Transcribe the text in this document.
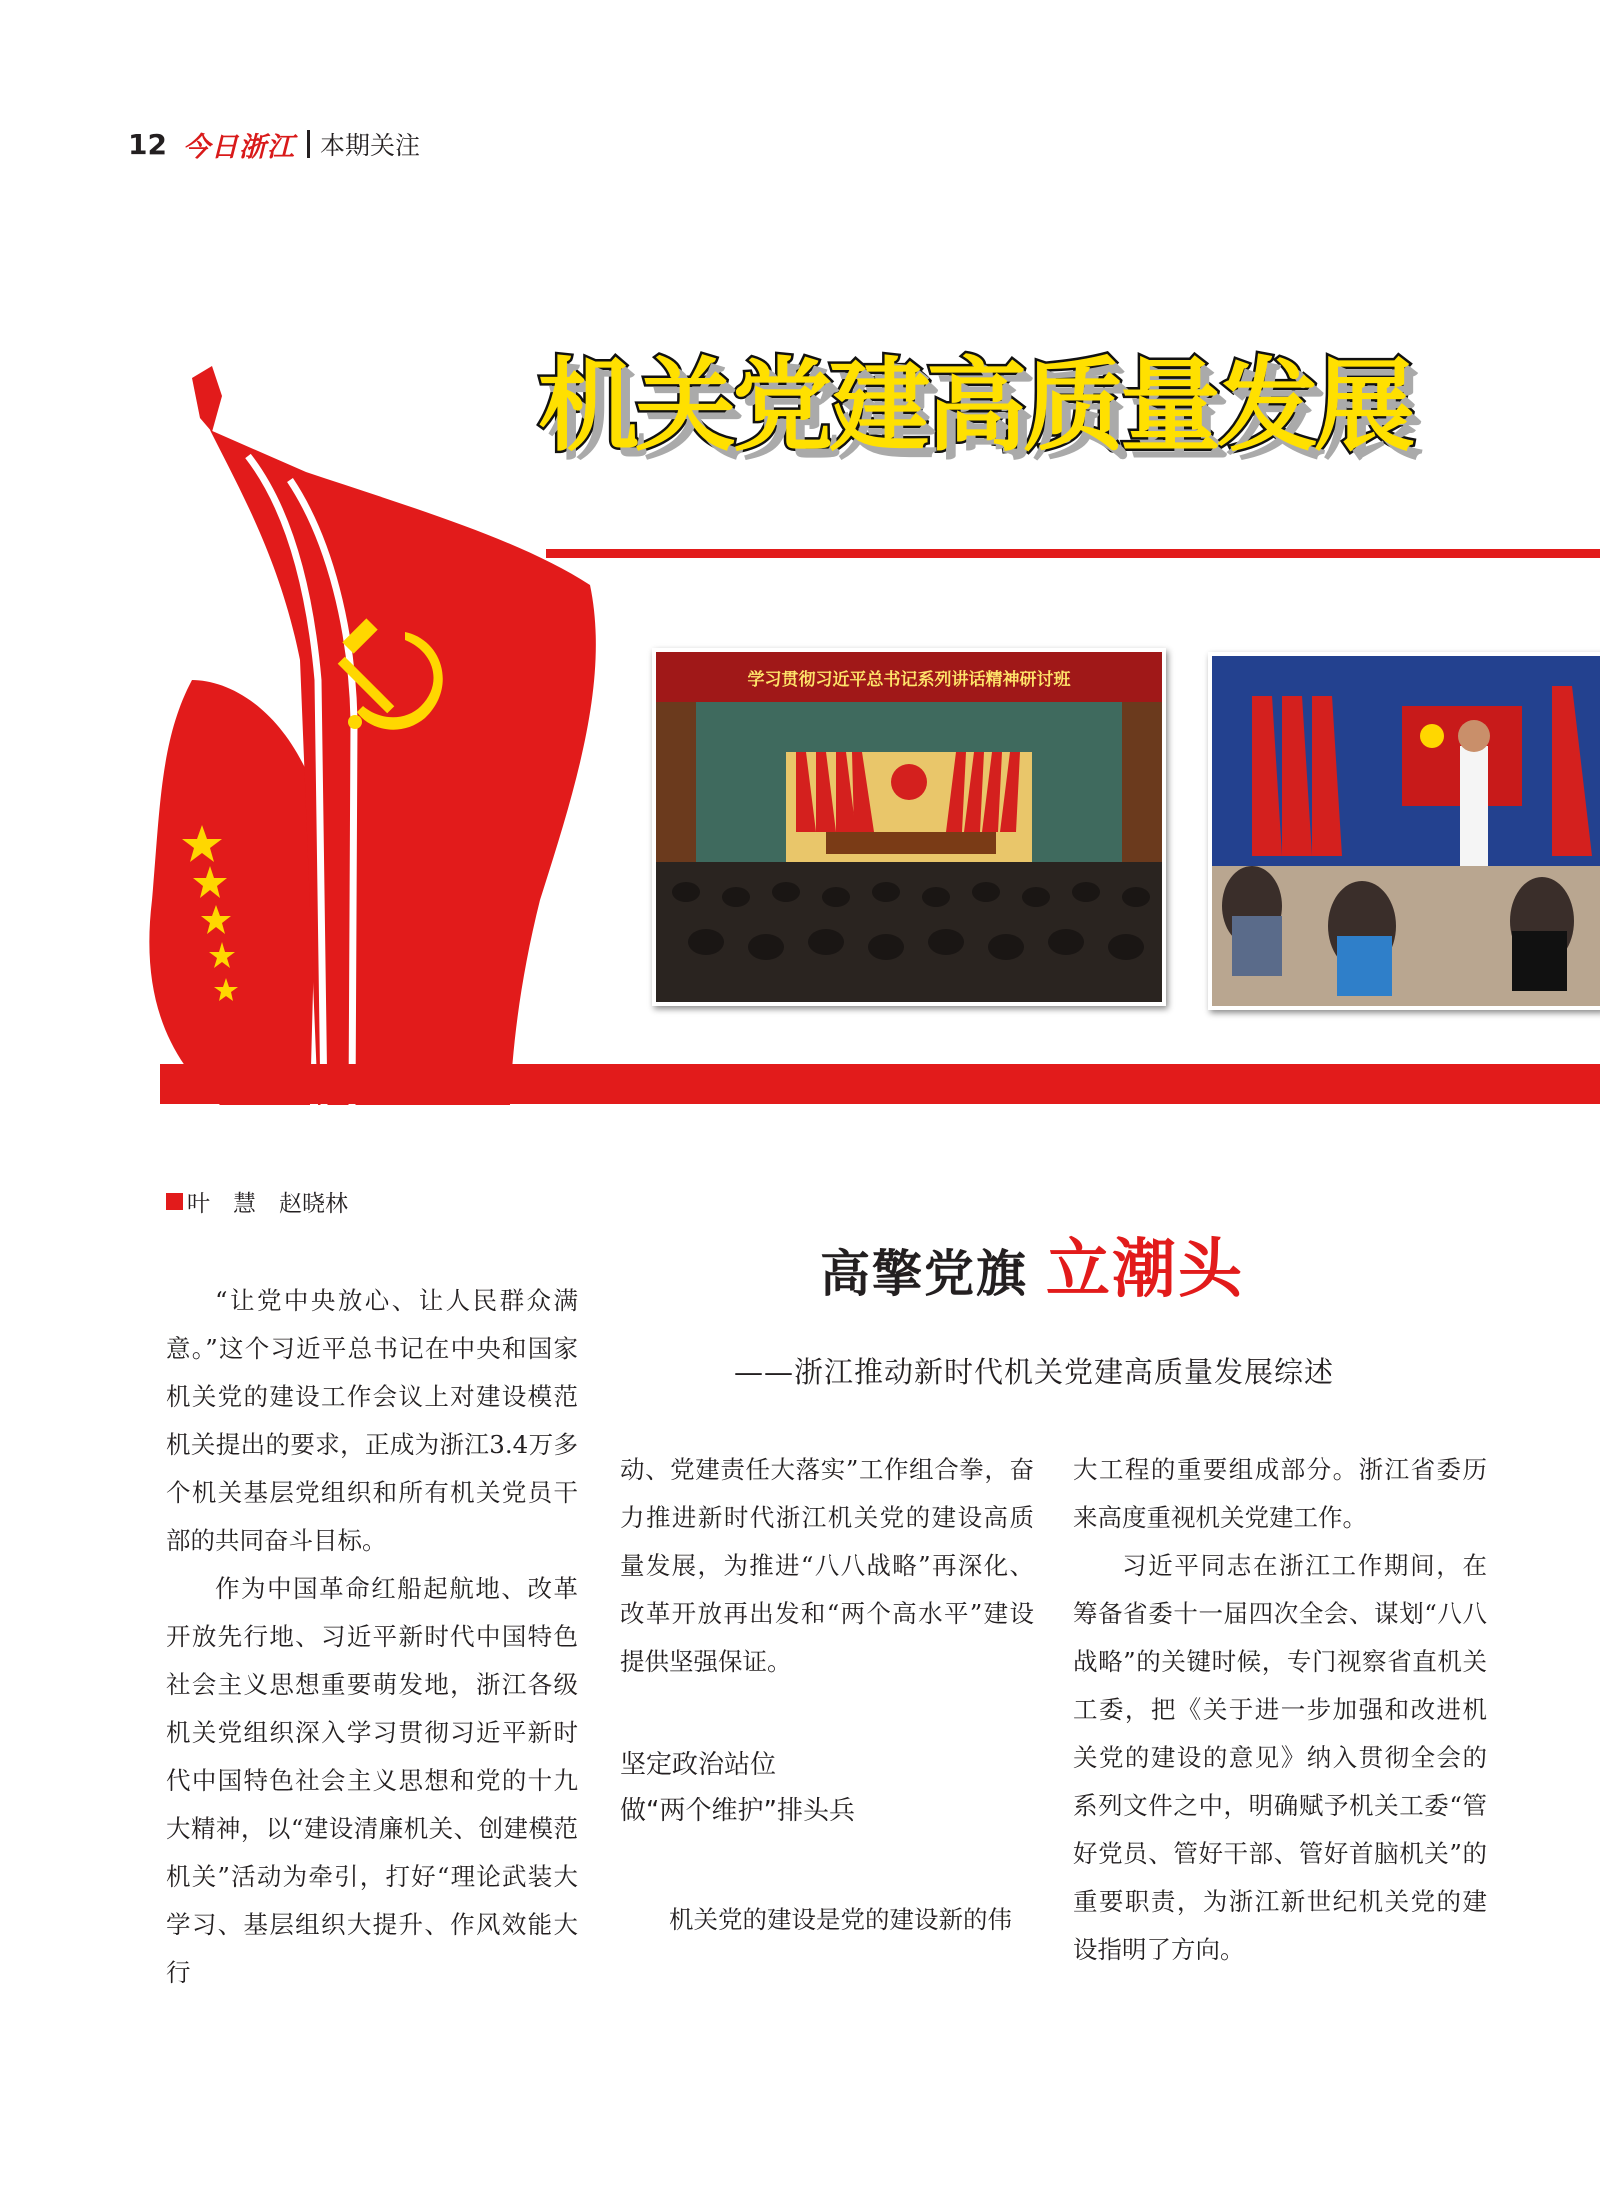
12 今日浙江 本期关注
机关党建高质量发展
学习贯彻习近平总书记系列讲话精神研讨班
叶　慧　赵晓林
高擎党旗 立潮头
——浙江推动新时代机关党建高质量发展综述

“让党中央放心、让人民群众满意。”这个习近平总书记在中央和国家机关党的建设工作会议上对建设模范机关提出的要求，正成为浙江3.4万多个机关基层党组织和所有机关党员干部的共同奋斗目标。

作为中国革命红船起航地、改革开放先行地、习近平新时代中国特色社会主义思想重要萌发地，浙江各级机关党组织深入学习贯彻习近平新时代中国特色社会主义思想和党的十九大精神，以“建设清廉机关、创建模范机关”活动为牵引，打好“理论武装大学习、基层组织大提升、作风效能大行

动、党建责任大落实”工作组合拳，奋力推进新时代浙江机关党的建设高质量发展，为推进“八八战略”再深化、改革开放再出发和“两个高水平”建设提供坚强保证。

坚定政治站位
做“两个维护”排头兵

机关党的建设是党的建设新的伟

大工程的重要组成部分。浙江省委历来高度重视机关党建工作。

习近平同志在浙江工作期间，在筹备省委十一届四次全会、谋划“八八战略”的关键时候，专门视察省直机关工委，把《关于进一步加强和改进机关党的建设的意见》纳入贯彻全会的系列文件之中，明确赋予机关工委“管好党员、管好干部、管好首脑机关”的重要职责，为浙江新世纪机关党的建设指明了方向。
